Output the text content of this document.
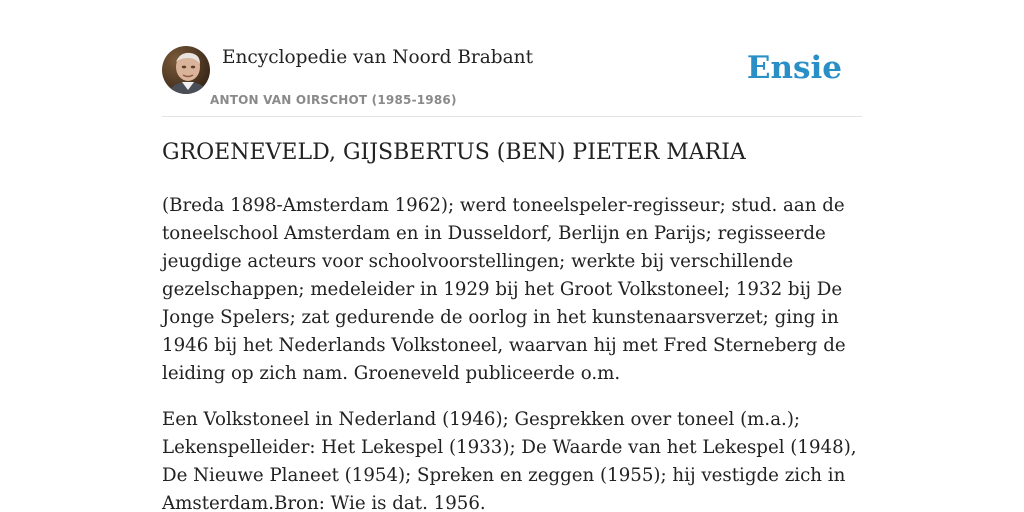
Encyclopedie van Noord Brabant
ANTON VAN OIRSCHOT (1985-1986)
Ensie
GROENEVELD, GIJSBERTUS (BEN) PIETER MARIA

(Breda 1898-Amsterdam 1962); werd toneelspeler-regisseur; stud. aan de toneelschool Amsterdam en in Dusseldorf, Berlijn en Parijs; regisseerde jeugdige acteurs voor schoolvoorstellingen; werkte bij verschillende gezelschappen; medeleider in 1929 bij het Groot Volkstoneel; 1932 bij De Jonge Spelers; zat gedurende de oorlog in het kunstenaarsverzet; ging in 1946 bij het Nederlands Volkstoneel, waarvan hij met Fred Sterneberg de leiding op zich nam. Groeneveld publiceerde o.m.

Een Volkstoneel in Nederland (1946); Gesprekken over toneel (m.a.); Lekenspelleider: Het Lekespel (1933); De Waarde van het Lekespel (1948), De Nieuwe Planeet (1954); Spreken en zeggen (1955); hij vestigde zich in Amsterdam.Bron: Wie is dat. 1956.
